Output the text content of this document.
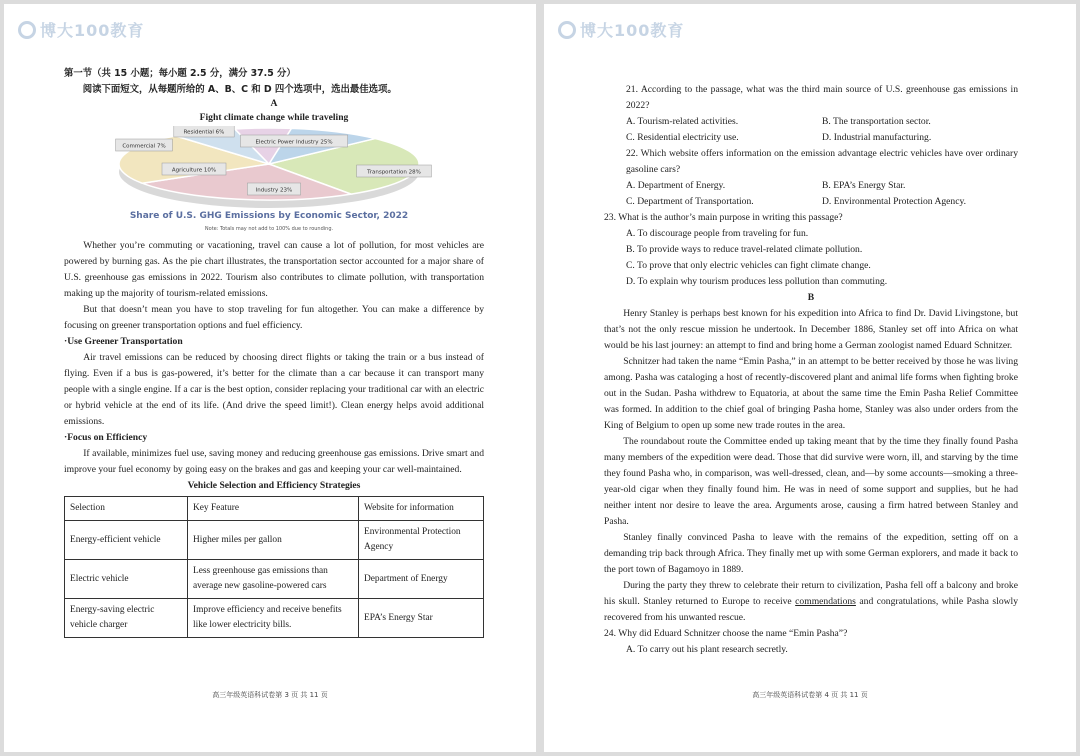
博大100教育
第一节（共 15 小题；每小题 2.5 分，满分 37.5 分）

阅读下面短文，从每题所给的 A、B、C 和 D 四个选项中，选出最佳选项。

A
Fight climate change while traveling
Transportation 28%
Electric Power Industry 25%
Industry 23%
Commercial 7%
Residential 6%
Agriculture 10%
Share of U.S. GHG Emissions by Economic Sector, 2022
Note: Totals may not add to 100% due to rounding.

Whether you’re commuting or vacationing, travel can cause a lot of pollution, for most vehicles are powered by burning gas. As the pie chart illustrates, the transportation sector accounted for a major share of U.S. greenhouse gas emissions in 2022. Tourism also contributes to climate pollution, with transportation making up the majority of tourism-related emissions.

But that doesn’t mean you have to stop traveling for fun altogether. You can make a difference by focusing on greener transportation options and fuel efficiency.

·Use Greener Transportation

Air travel emissions can be reduced by choosing direct flights or taking the train or a bus instead of flying. Even if a bus is gas-powered, it’s better for the climate than a car because it can transport many people with a single engine. If a car is the best option, consider replacing your traditional car with an electric or hybrid vehicle at the end of its life. (And drive the speed limit!). Clean energy helps avoid additional emissions.

·Focus on Efficiency

If available, minimizes fuel use, saving money and reducing greenhouse gas emissions. Drive smart and improve your fuel economy by going easy on the brakes and gas and keeping your car well-maintained.

Vehicle Selection and Efficiency Strategies
Selection	Key Feature	Website for information
Energy-efficient vehicle	Higher miles per gallon	Environmental Protection Agency
Electric vehicle	Less greenhouse gas emissions than average new gasoline-powered cars	Department of Energy
Energy-saving electric vehicle charger	Improve efficiency and receive benefits like lower electricity bills.	EPA’s Energy Star
高三年级英语科试卷第 3 页 共 11 页
博大100教育
21. According to the passage, what was the third main source of U.S. greenhouse gas emissions in 2022?
A. Tourism-related activities.	B. The transportation sector.
C. Residential electricity use.	D. Industrial manufacturing.
22. Which website offers information on the emission advantage electric vehicles have over ordinary gasoline cars?
A. Department of Energy.	B. EPA’s Energy Star.
C. Department of Transportation.	D. Environmental Protection Agency.
23. What is the author’s main purpose in writing this passage?
A. To discourage people from traveling for fun.
B. To provide ways to reduce travel-related climate pollution.
C. To prove that only electric vehicles can fight climate change.
D. To explain why tourism produces less pollution than commuting.
B

Henry Stanley is perhaps best known for his expedition into Africa to find Dr. David Livingstone, but that’s not the only rescue mission he undertook. In December 1886, Stanley set off into Africa on what would be his last journey: an attempt to find and bring home a German zoologist named Eduard Schnitzer.

Schnitzer had taken the name “Emin Pasha,” in an attempt to be better received by those he was living among. Pasha was cataloging a host of recently-discovered plant and animal life forms when fighting broke out in the Sudan. Pasha withdrew to Equatoria, at about the same time the Emin Pasha Relief Committee was formed. In addition to the chief goal of bringing Pasha home, Stanley was also under orders from the King of Belgium to open up some new trade routes in the area.

The roundabout route the Committee ended up taking meant that by the time they finally found Pasha many members of the expedition were dead. Those that did survive were worn, ill, and starving by the time they found Pasha who, in comparison, was well-dressed, clean, and—by some accounts—smoking a three-year-old cigar when they finally found him. He was in need of some support and supplies, but he had neither intent nor desire to leave the area. Arguments arose, causing a firm hatred between Stanley and Pasha.

Stanley finally convinced Pasha to leave with the remains of the expedition, setting off on a demanding trip back through Africa. They finally met up with some German explorers, and made it back to the port town of Bagamoyo in 1889.

During the party they threw to celebrate their return to civilization, Pasha fell off a balcony and broke his skull. Stanley returned to Europe to receive commendations and congratulations, while Pasha slowly recovered from his unwanted rescue.

24. Why did Eduard Schnitzer choose the name “Emin Pasha”?
A. To carry out his plant research secretly.
高三年级英语科试卷第 4 页 共 11 页
